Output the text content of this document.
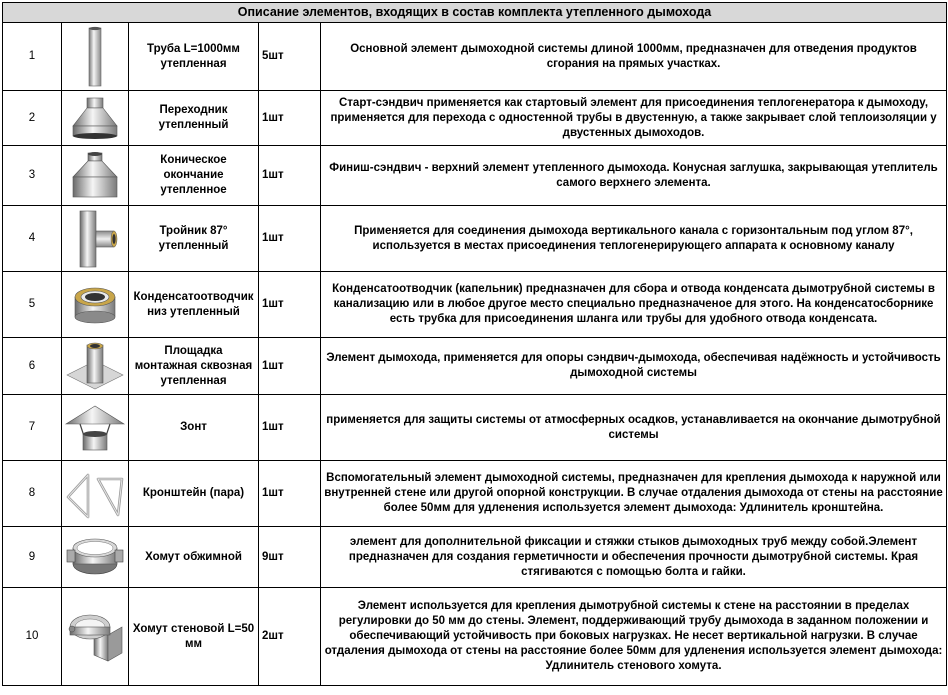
Описание элементов, входящих в состав комплекта утепленного дымохода				
1		Труба L=1000мм утепленная	5шт	Основной элемент дымоходной системы длиной 1000мм, предназначен для отведения продуктов сгорания на прямых участках.
2		Переходник утепленный	1шт	Старт-сэндвич применяется как стартовый элемент для присоединения теплогенератора к дымоходу, применяется для перехода с одностенной трубы в двустенную, а также закрывает слой теплоизоляции у двустенных дымоходов.
3		Коническое окончание утепленное	1шт	Финиш-сэндвич - верхний элемент утепленного дымохода. Конусная заглушка, закрывающая утеплитель самого верхнего элемента.
4		Тройник 87° утепленный	1шт	Применяется для соединения дымохода вертикального канала с горизонтальным под углом 87°, используется в местах присоединения теплогенерирующего аппарата к основному каналу
5		Конденсатоотводчик низ утепленный	1шт	Конденсатоотводчик (капельник) предназначен для сбора и отвода конденсата дымотрубной системы в канализацию или в любое другое место специально предназначеное для этого. На конденсатосборнике есть трубка для присоединения шланга или трубы для удобного отвода конденсата.
6		Площадка монтажная сквозная утепленная	1шт	Элемент дымохода, применяется для опоры сэндвич-дымохода, обеспечивая надёжность и устойчивость дымоходной системы
7		Зонт	1шт	применяется для защиты системы от атмосферных осадков, устанавливается на окончание дымотрубной системы
8		Кронштейн (пара)	1шт	Вспомогательный элемент дымоходной системы, предназначен для крепления дымохода к наружной или внутренней стене или другой опорной конструкции. В случае отдаления дымохода от стены на расстояние более 50мм для удленения используется элемент дымохода: Удлинитель кронштейна.
9		Хомут обжимной	9шт	элемент для дополнительной фиксации и стяжки стыков дымоходных труб между собой.Элемент предназначен для создания герметичности и обеспечения прочности дымотрубной системы. Края стягиваются с помощью болта и гайки.
10		Хомут стеновой L=50 мм	2шт	Элемент используется для крепления дымотрубной системы к стене на расстоянии в пределах регулировки до 50 мм до стены. Элемент, поддерживающий трубу дымохода в заданном положении и обеспечивающий устойчивость при боковых нагрузках. Не несет вертикальной нагрузки. В случае отдаления дымохода от стены на расстояние более 50мм для удленения используется элемент дымохода: Удлинитель стенового хомута.
